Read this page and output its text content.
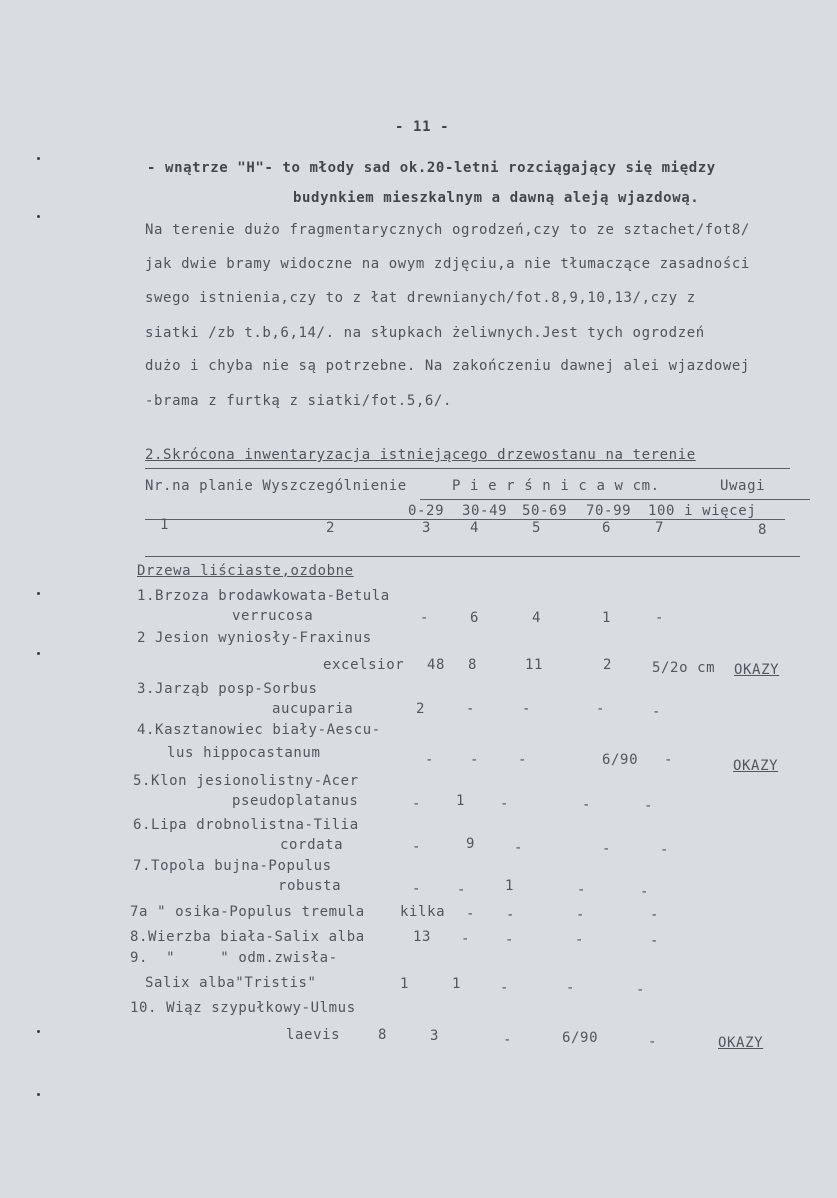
- 11 -
- wnątrze "H"- to młody sad ok.20-letni rozciągający się między
budynkiem mieszkalnym a dawną aleją wjazdową.
Na terenie dużo fragmentarycznych ogrodzeń,czy to ze sztachet/fot8/
jak dwie bramy widoczne na owym zdjęciu,a nie tłumaczące zasadności
swego istnienia,czy to z łat drewnianych/fot.8,9,10,13/,czy z
siatki /zb t.b,6,14/. na słupkach żeliwnych.Jest tych ogrodzeń
dużo i chyba nie są potrzebne. Na zakończeniu dawnej alei wjazdowej
-brama z furtką z siatki/fot.5,6/.
2.Skrócona inwentaryzacja istniejącego drzewostanu na terenie
Nr.na planie Wyszczególnienie	P i e r ś n i c a w cm.	Uwagi
0-29 30-49 50-69 70-99 100 i więcej
1	2	3	4	5	6	7	8
Drzewa liściaste,ozdobne
1.Brzoza brodawkowata-Betula
verrucosa	-	6	4	1	-
2 Jesion wyniosły-Fraxinus
excelsior 48 8	11	2	5/2o cm OKAZY
3.Jarząb posp-Sorbus
aucuparia	2	-	-	-	-
4.Kasztanowiec biały-Aescu-
lus hippocastanum	-	-	-	6/90 -	OKAZY
5.Klon jesionolistny-Acer
pseudoplatanus	- 1 -	-	-
6.Lipa drobnolistna-Tilia
cordata	-	9	-	-	-
7.Topola bujna-Populus
robusta	-	-	1	-	-
7a " osika-Populus tremula	kilka - -	-	-
8.Wierzba biała-Salix alba	13 - -	-	-
9.  "     " odm.zwisła-
Salix alba"Tristis"	1	1	-	-	-
10. Wiąz szypułkowy-Ulmus
laevis	8	3	-	6/90	-	OKAZY
